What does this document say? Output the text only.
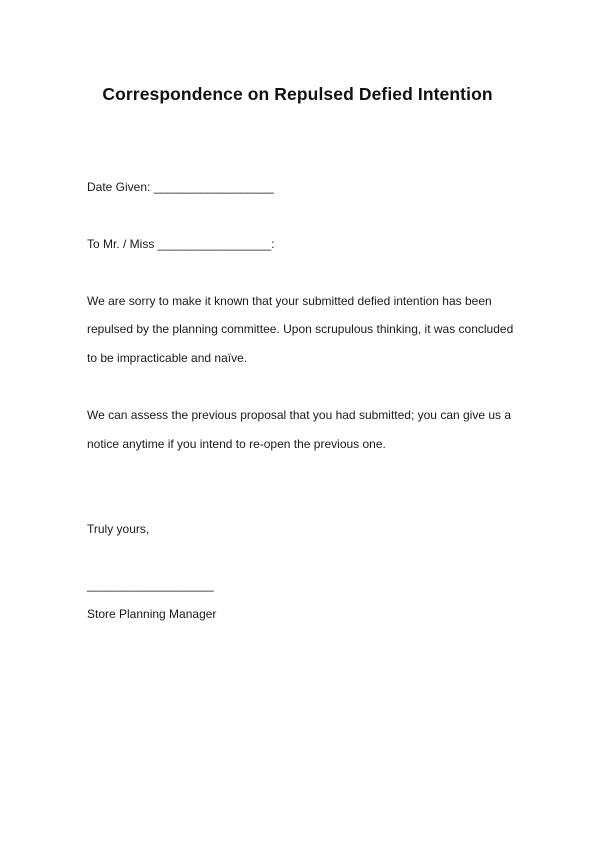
Correspondence on Repulsed Defied Intention
Date Given: __________________
To Mr. / Miss _________________:
We are sorry to make it known that your submitted defied intention has been
repulsed by the planning committee. Upon scrupulous thinking, it was concluded
to be impracticable and naïve.
We can assess the previous proposal that you had submitted; you can give us a
notice anytime if you intend to re-open the previous one.
Truly yours,
___________________
Store Planning Manager
